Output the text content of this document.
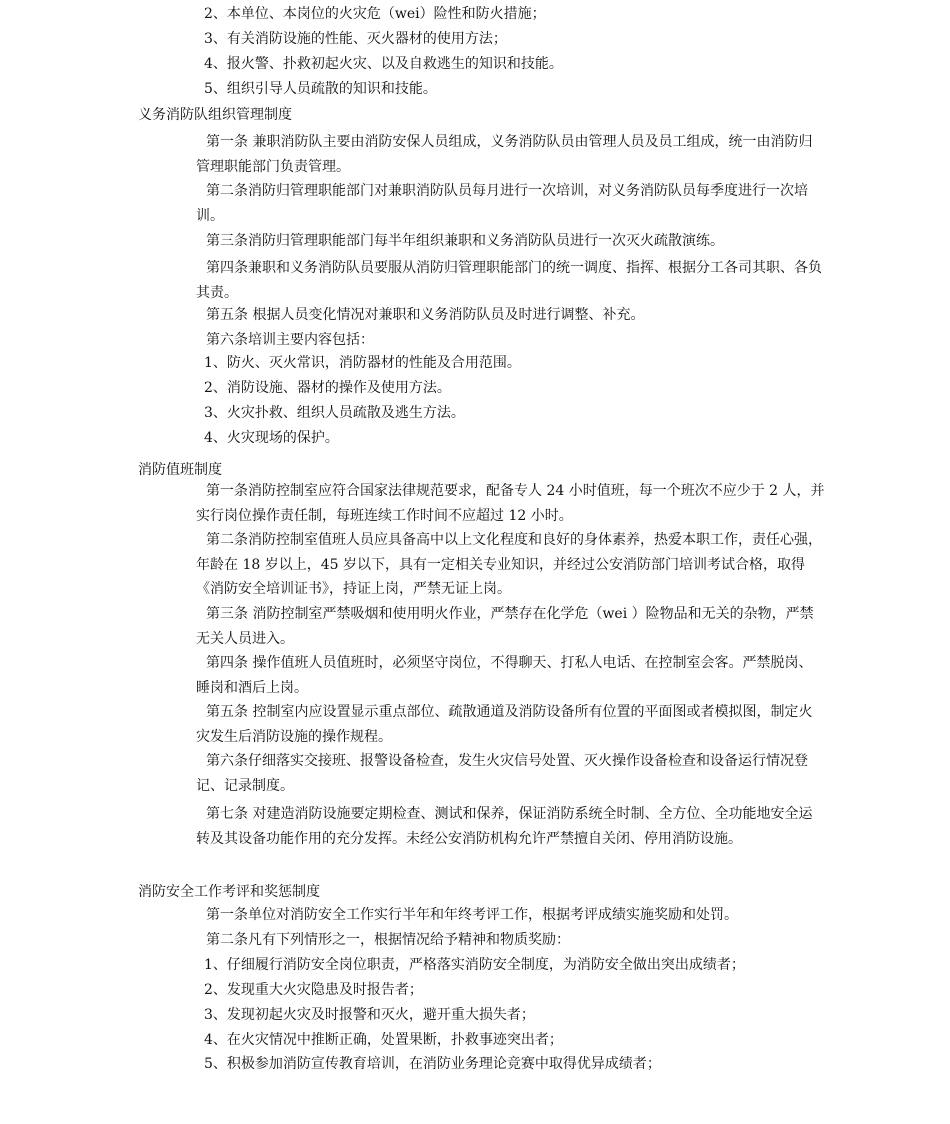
2、本单位、本岗位的火灾危（wei）险性和防火措施；
3、有关消防设施的性能、灭火器材的使用方法；
4、报火警、扑救初起火灾、以及自救逃生的知识和技能。
5、组织引导人员疏散的知识和技能。
义务消防队组织管理制度
第一条 兼职消防队主要由消防安保人员组成，义务消防队员由管理人员及员工组成，统一由消防归管理职能部门负责管理。
第二条消防归管理职能部门对兼职消防队员每月进行一次培训，对义务消防队员每季度进行一次培训。
第三条消防归管理职能部门每半年组织兼职和义务消防队员进行一次灭火疏散演练。
第四条兼职和义务消防队员要服从消防归管理职能部门的统一调度、指挥、根据分工各司其职、各负其责。
第五条 根据人员变化情况对兼职和义务消防队员及时进行调整、补充。
第六条培训主要内容包括：
1、防火、灭火常识，消防器材的性能及合用范围。
2、消防设施、器材的操作及使用方法。
3、火灾扑救、组织人员疏散及逃生方法。
4、火灾现场的保护。
消防值班制度
第一条消防控制室应符合国家法律规范要求，配备专人 24 小时值班，每一个班次不应少于 2 人，并实行岗位操作责任制，每班连续工作时间不应超过 12 小时。
第二条消防控制室值班人员应具备高中以上文化程度和良好的身体素养，热爱本职工作，责任心强，年龄在 18 岁以上，45 岁以下，具有一定相关专业知识，并经过公安消防部门培训考试合格，取得《消防安全培训证书》，持证上岗，严禁无证上岗。
第三条 消防控制室严禁吸烟和使用明火作业，严禁存在化学危（wei ）险物品和无关的杂物，严禁无关人员进入。
第四条 操作值班人员值班时，必须坚守岗位，不得聊天、打私人电话、在控制室会客。严禁脱岗、睡岗和酒后上岗。
第五条 控制室内应设置显示重点部位、疏散通道及消防设备所有位置的平面图或者模拟图，制定火灾发生后消防设施的操作规程。
第六条仔细落实交接班、报警设备检查，发生火灾信号处置、灭火操作设备检查和设备运行情况登记、记录制度。
第七条 对建造消防设施要定期检查、测试和保养，保证消防系统全时制、全方位、全功能地安全运转及其设备功能作用的充分发挥。未经公安消防机构允许严禁擅自关闭、停用消防设施。
消防安全工作考评和奖惩制度
第一条单位对消防安全工作实行半年和年终考评工作，根据考评成绩实施奖励和处罚。
第二条凡有下列情形之一，根据情况给予精神和物质奖励：
1、仔细履行消防安全岗位职责，严格落实消防安全制度，为消防安全做出突出成绩者；
2、发现重大火灾隐患及时报告者；
3、发现初起火灾及时报警和灭火，避开重大损失者；
4、在火灾情况中推断正确，处置果断，扑救事迹突出者；
5、积极参加消防宣传教育培训，在消防业务理论竞赛中取得优异成绩者；
